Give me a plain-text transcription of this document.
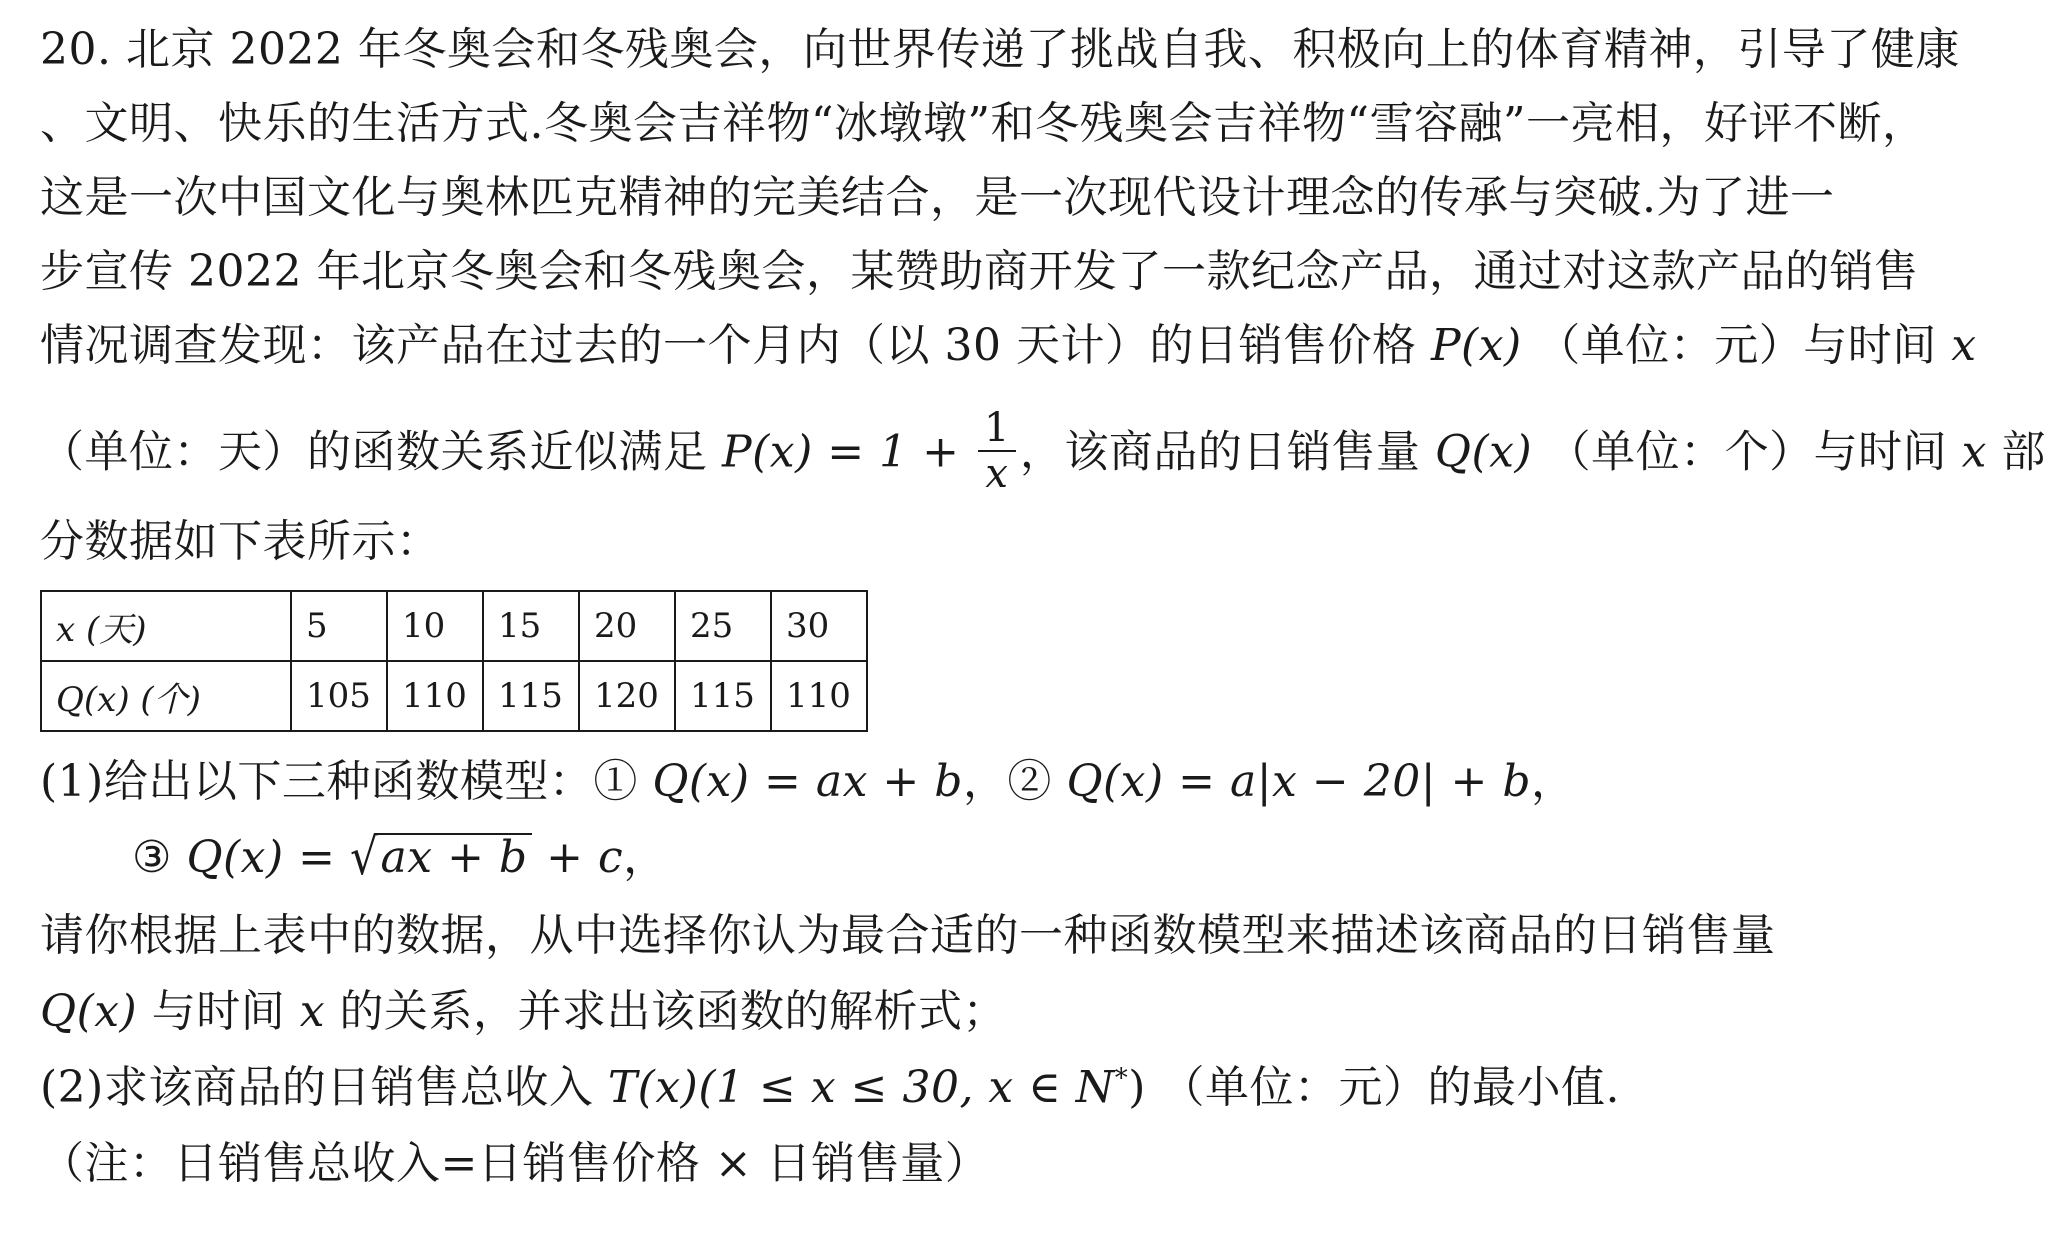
20. 北京 2022 年冬奥会和冬残奥会，向世界传递了挑战自我、积极向上的体育精神，引导了健康
、文明、快乐的生活方式.冬奥会吉祥物“冰墩墩”和冬残奥会吉祥物“雪容融”一亮相，好评不断，
这是一次中国文化与奥林匹克精神的完美结合，是一次现代设计理念的传承与突破.为了进一
步宣传 2022 年北京冬奥会和冬残奥会，某赞助商开发了一款纪念产品，通过对这款产品的销售
情况调查发现：该产品在过去的一个月内（以 30 天计）的日销售价格 P(x) （单位：元）与时间 x
（单位：天）的函数关系近似满足 $P(x) = 1 + \frac{1}{x}$ ，该商品的日销售量 Q(x) （单位：个）与时间 x 部
分数据如下表所示：
x (天)	5	10	15	20	25	30
Q(x) (个)	105	110	115	120	115	110
(1)给出以下三种函数模型：① Q(x) = ax + b，② Q(x) = a|x − 20| + b，
③ Q(x) = √ax + b + c，
请你根据上表中的数据，从中选择你认为最合适的一种函数模型来描述该商品的日销售量
Q(x) 与时间 x 的关系，并求出该函数的解析式；
(2)求该商品的日销售总收入 T(x)(1 ≤ x ≤ 30, x ∈ N*) （单位：元）的最小值.
（注：日销售总收入=日销售价格 × 日销售量）
